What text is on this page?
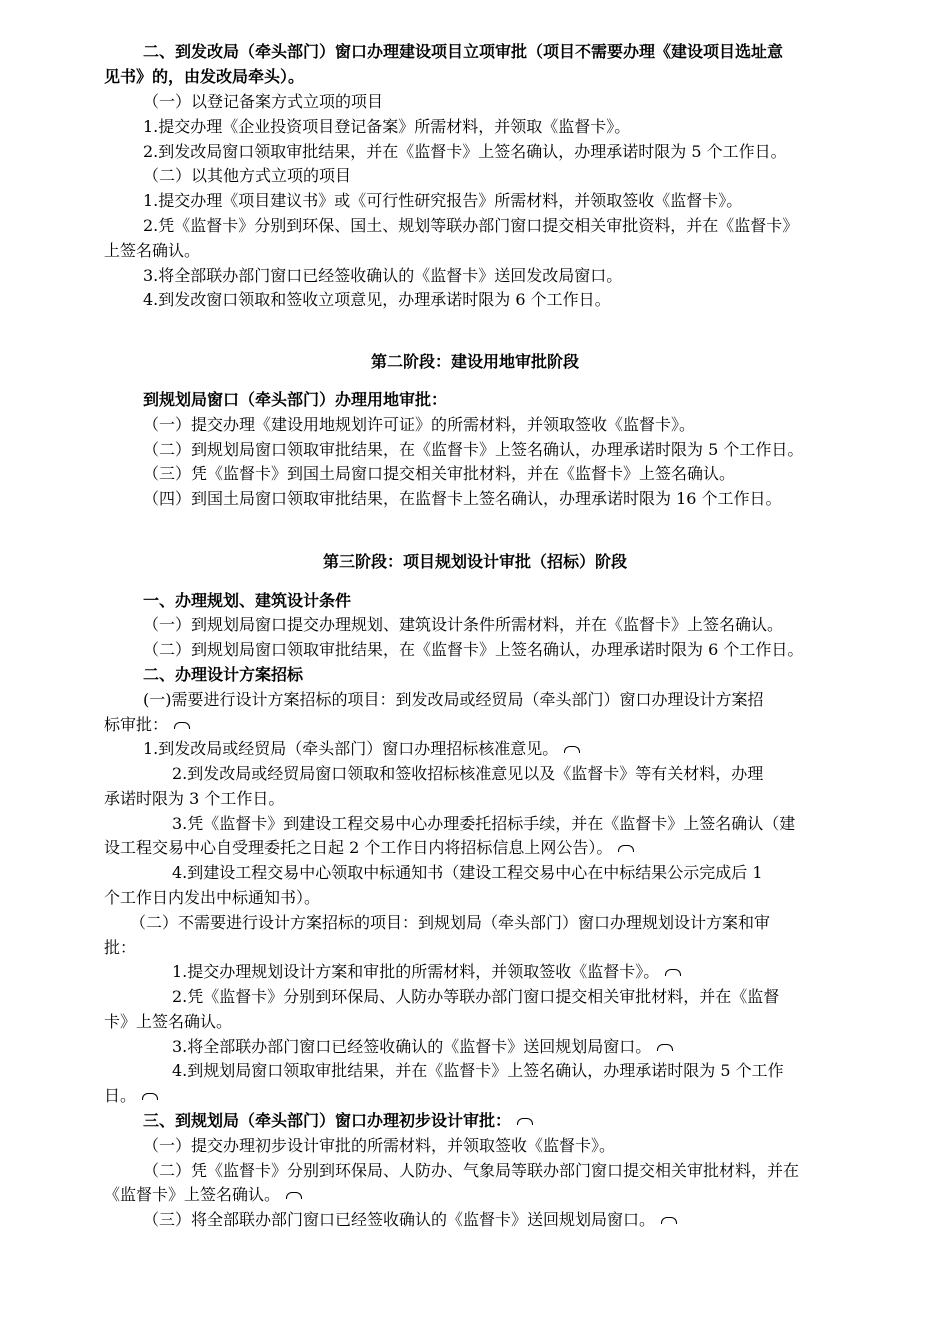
二、到发改局（牵头部门）窗口办理建设项目立项审批（项目不需要办理《建设项目选址意
见书》的，由发改局牵头）。
（一）以登记备案方式立项的项目
1.提交办理《企业投资项目登记备案》所需材料，并领取《监督卡》。
2.到发改局窗口领取审批结果，并在《监督卡》上签名确认，办理承诺时限为 5 个工作日。
（二）以其他方式立项的项目
1.提交办理《项目建议书》或《可行性研究报告》所需材料，并领取签收《监督卡》。
2.凭《监督卡》分别到环保、国土、规划等联办部门窗口提交相关审批资料，并在《监督卡》
上签名确认。
3.将全部联办部门窗口已经签收确认的《监督卡》送回发改局窗口。
4.到发改窗口领取和签收立项意见，办理承诺时限为 6 个工作日。
第二阶段：建设用地审批阶段
到规划局窗口（牵头部门）办理用地审批：
（一）提交办理《建设用地规划许可证》的所需材料，并领取签收《监督卡》。
（二）到规划局窗口领取审批结果，在《监督卡》上签名确认，办理承诺时限为 5 个工作日。
（三）凭《监督卡》到国土局窗口提交相关审批材料，并在《监督卡》上签名确认。
（四）到国土局窗口领取审批结果，在监督卡上签名确认，办理承诺时限为 16 个工作日。
第三阶段：项目规划设计审批（招标）阶段
一、办理规划、建筑设计条件
（一）到规划局窗口提交办理规划、建筑设计条件所需材料，并在《监督卡》上签名确认。
（二）到规划局窗口领取审批结果，在《监督卡》上签名确认，办理承诺时限为 6 个工作日。
二、办理设计方案招标
(一)需要进行设计方案招标的项目：到发改局或经贸局（牵头部门）窗口办理设计方案招
标审批：
1.到发改局或经贸局（牵头部门）窗口办理招标核准意见。
2.到发改局或经贸局窗口领取和签收招标核准意见以及《监督卡》等有关材料，办理
承诺时限为 3 个工作日。
3.凭《监督卡》到建设工程交易中心办理委托招标手续，并在《监督卡》上签名确认（建
设工程交易中心自受理委托之日起 2 个工作日内将招标信息上网公告）。
4.到建设工程交易中心领取中标通知书（建设工程交易中心在中标结果公示完成后 1
个工作日内发出中标通知书）。
（二）不需要进行设计方案招标的项目：到规划局（牵头部门）窗口办理规划设计方案和审
批：
1.提交办理规划设计方案和审批的所需材料，并领取签收《监督卡》。
2.凭《监督卡》分别到环保局、人防办等联办部门窗口提交相关审批材料，并在《监督
卡》上签名确认。
3.将全部联办部门窗口已经签收确认的《监督卡》送回规划局窗口。
4.到规划局窗口领取审批结果，并在《监督卡》上签名确认，办理承诺时限为 5 个工作
日。
三、到规划局（牵头部门）窗口办理初步设计审批：
（一）提交办理初步设计审批的所需材料，并领取签收《监督卡》。
（二）凭《监督卡》分别到环保局、人防办、气象局等联办部门窗口提交相关审批材料，并在
《监督卡》上签名确认。
（三）将全部联办部门窗口已经签收确认的《监督卡》送回规划局窗口。
